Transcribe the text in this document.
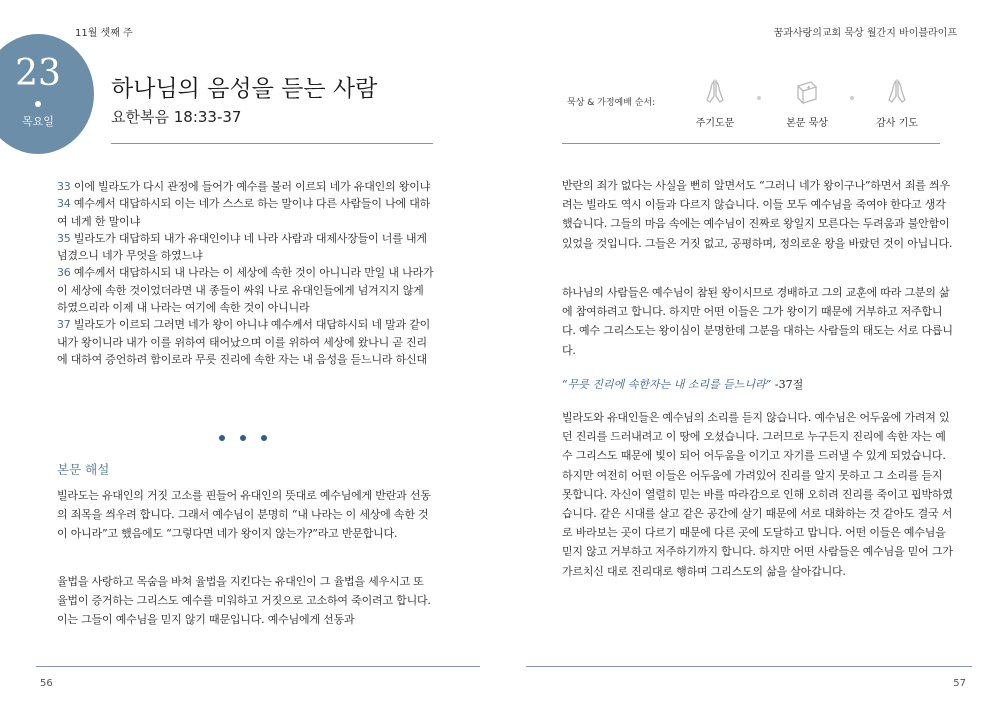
11월 셋째 주	꿈과사랑의교회 묵상 월간지 바이블라이프
23
목요일
하나님의 음성을 듣는 사람
요한복음 18:33-37
묵상 & 가정예배 순서:
주기도문	본문 묵상	감사 기도

33 이에 빌라도가 다시 관정에 들어가 예수를 불러 이르되 네가 유대인의 왕이냐

34 예수께서 대답하시되 이는 네가 스스로 하는 말이냐 다른 사람들이 나에 대하여 네게 한 말이냐

35 빌라도가 대답하되 내가 유대인이냐 네 나라 사람과 대제사장들이 너를 내게 넘겼으니 네가 무엇을 하였느냐

36 예수께서 대답하시되 내 나라는 이 세상에 속한 것이 아니니라 만일 내 나라가 이 세상에 속한 것이었더라면 내 종들이 싸워 나로 유대인들에게 넘겨지지 않게 하였으리라 이제 내 나라는 여기에 속한 것이 아니니라

37 빌라도가 이르되 그러면 네가 왕이 아니냐 예수께서 대답하시되 네 말과 같이 내가 왕이니라 내가 이를 위하여 태어났으며 이를 위하여 세상에 왔나니 곧 진리에 대하여 증언하려 함이로라 무릇 진리에 속한 자는 내 음성을 듣느니라 하신대

본문 해설
빌라도는 유대인의 거짓 고소를 핀들어 유대인의 뜻대로 예수님에게 반란과 선동의 죄목을 씌우려 합니다. 그래서 예수님이 분명히 “내 나라는 이 세상에 속한 것이 아니라”고 했음에도 “그렇다면 네가 왕이지 않는가?”라고 반문합니다.
율법을 사랑하고 목숨을 바쳐 율법을 지킨다는 유대인이 그 율법을 세우시고 또 율법이 증거하는 그리스도 예수를 미워하고 거짓으로 고소하여 죽이려고 합니다. 이는 그들이 예수님을 믿지 않기 때문입니다. 예수님에게 선동과
반란의 죄가 없다는 사실을 뻔히 알면서도 “그러니 네가 왕이구나”하면서 죄를 씌우려는 빌라도 역시 이들과 다르지 않습니다. 이들 모두 예수님을 죽여야 한다고 생각했습니다. 그들의 마음 속에는 예수님이 진짜로 왕일지 모른다는 두려움과 불안함이 있었을 것입니다. 그들은 거짓 없고, 공평하며, 정의로운 왕을 바랐던 것이 아닙니다.
하나님의 사람들은 예수님이 참된 왕이시므로 경배하고 그의 교훈에 따라 그분의 삶에 참여하려고 합니다. 하지만 어떤 이들은 그가 왕이기 때문에 거부하고 저주합니다. 예수 그리스도는 왕이심이 분명한데 그분을 대하는 사람들의 태도는 서로 다릅니다.
“무릇 진리에 속한자는 내 소리를 듣느니라” -37절
빌라도와 유대인들은 예수님의 소리를 듣지 않습니다. 예수님은 어두움에 가려져 있던 진리를 드러내려고 이 땅에 오셨습니다. 그러므로 누구든지 진리에 속한 자는 예수 그리스도 때문에 빛이 되어 어두움을 이기고 자기를 드러낼 수 있게 되었습니다. 하지만 여전히 어떤 이들은 어두움에 가려있어 진리를 알지 못하고 그 소리를 듣지 못합니다. 자신이 열렬히 믿는 바를 따라감으로 인해 오히려 진리를 죽이고 핍박하였습니다. 같은 시대를 살고 같은 공간에 살기 때문에 서로 대화하는 것 같아도 결국 서로 바라보는 곳이 다르기 때문에 다른 곳에 도달하고 맙니다. 어떤 이들은 예수님을 믿지 않고 거부하고 저주하기까지 합니다. 하지만 어떤 사람들은 예수님을 믿어 그가 가르치신 대로 진리대로 행하며 그리스도의 삶을 살아갑니다.
56	57
